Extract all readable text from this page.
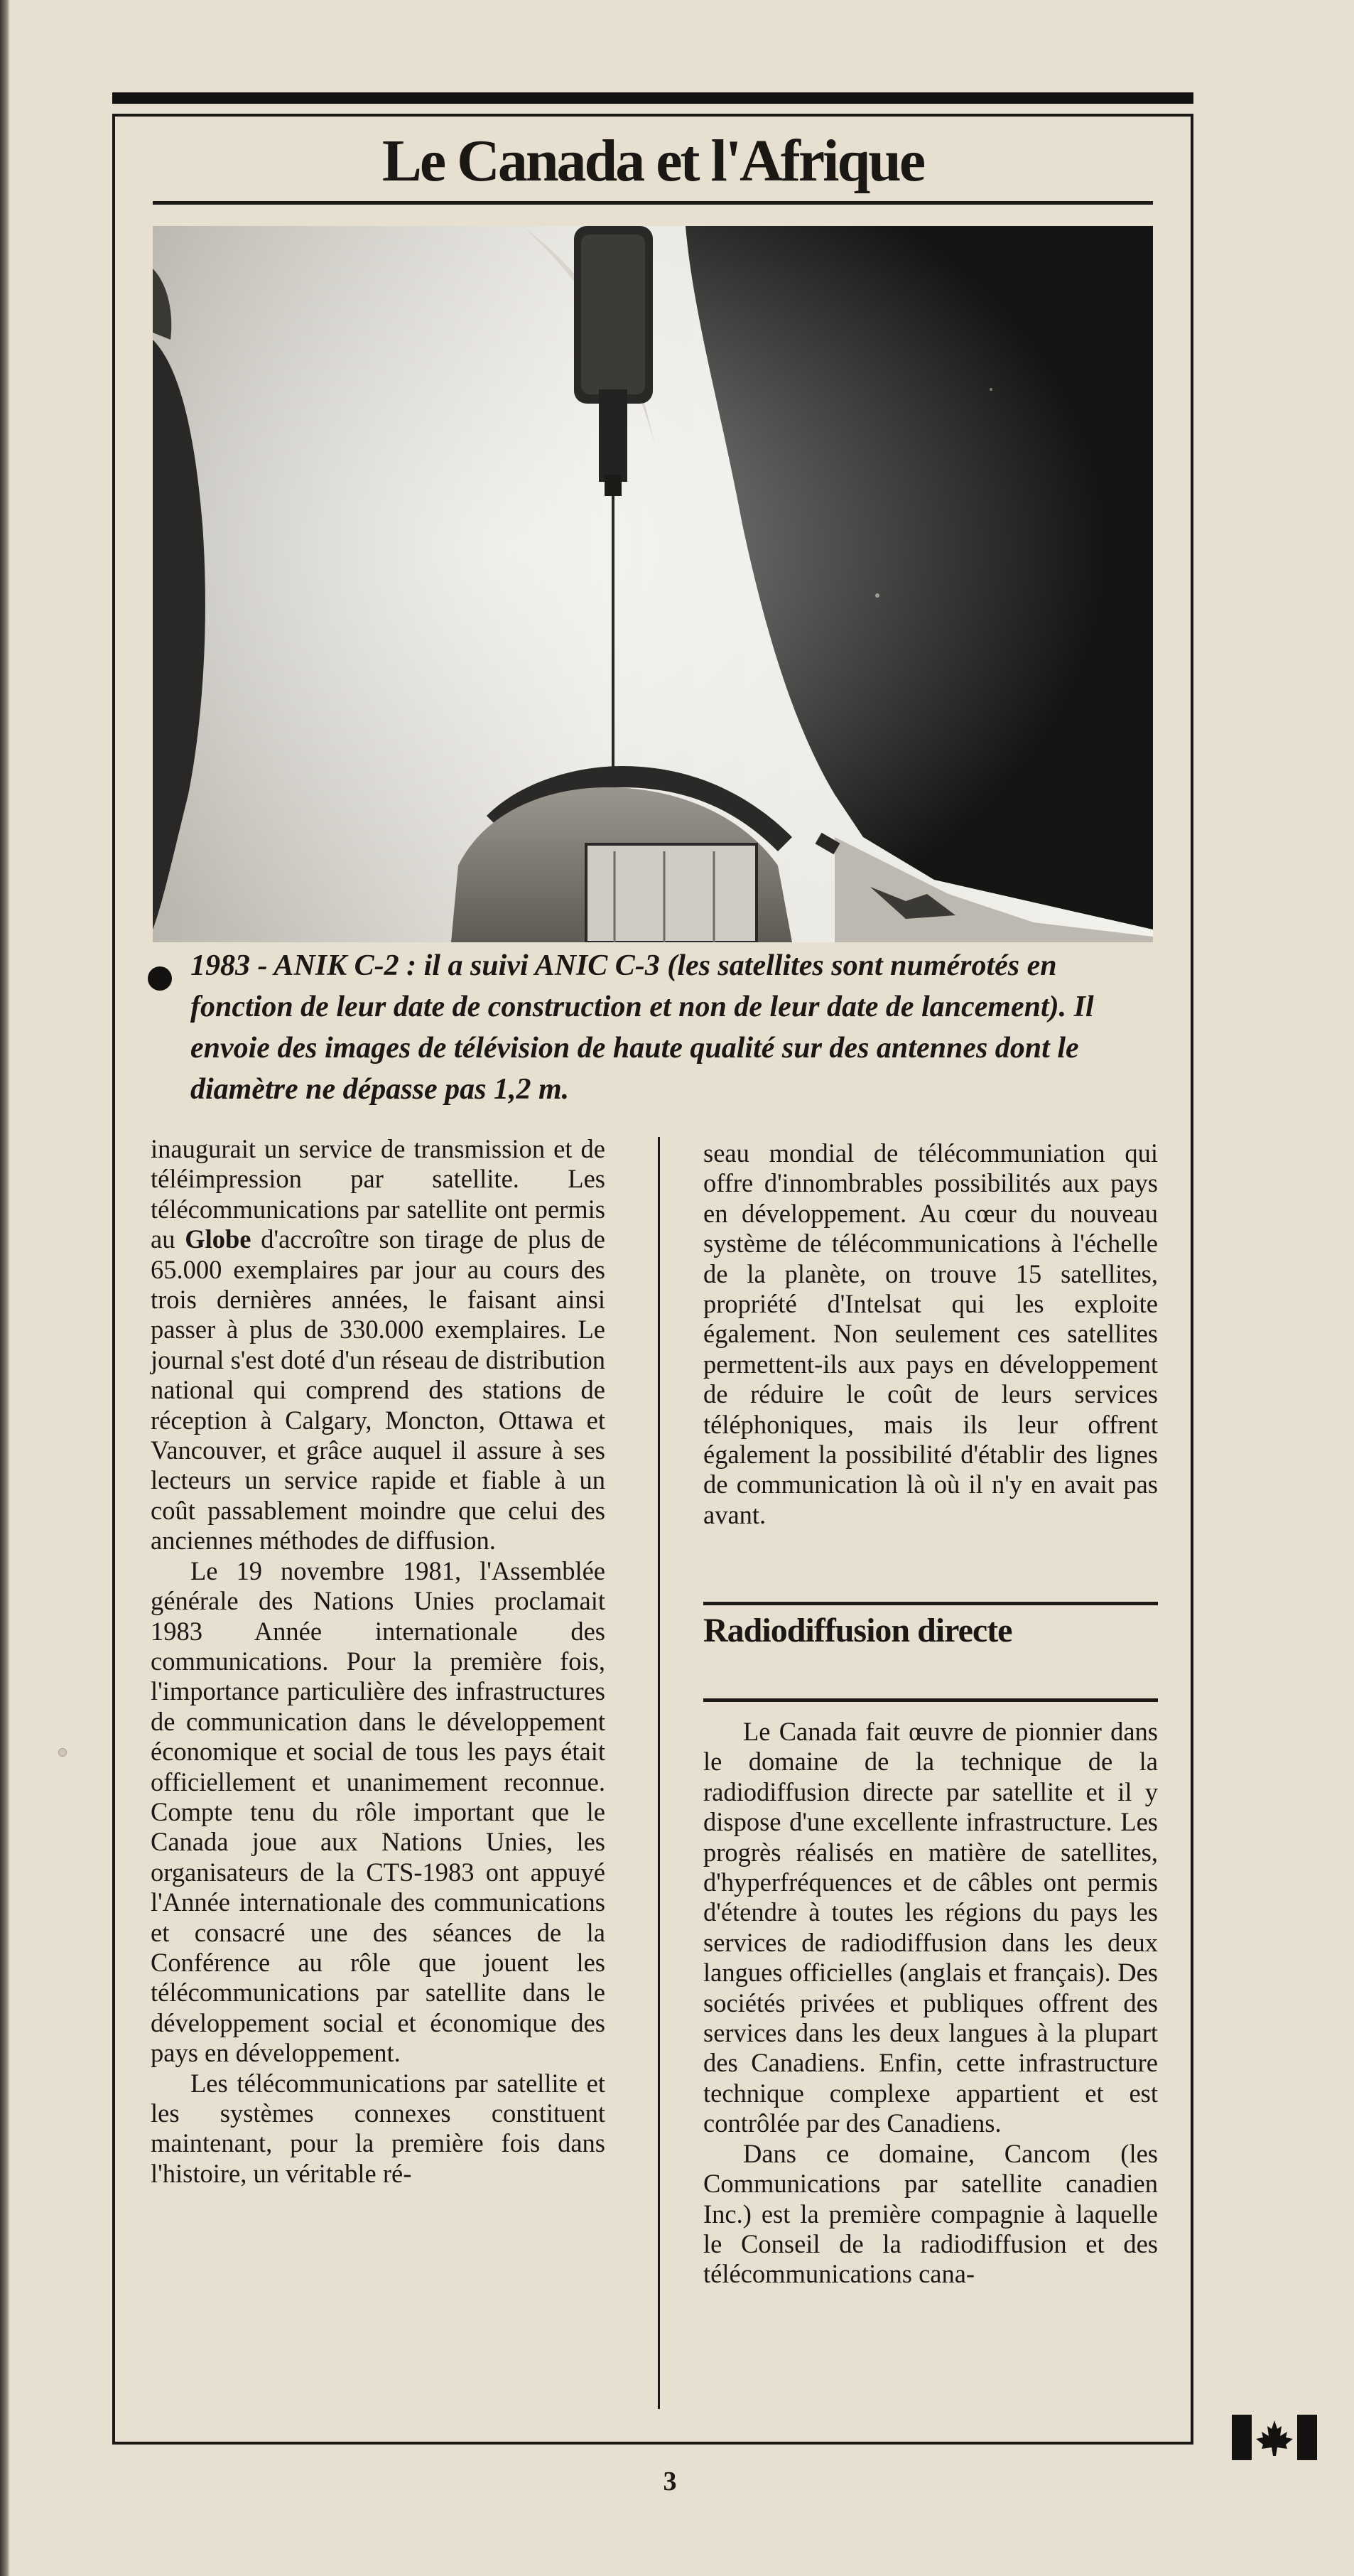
Le Canada et l'Afrique

1983 - ANIK C-2 : il a suivi ANIC C-3 (les satellites sont numérotés en fonction de leur date de construction et non de leur date de lancement). Il envoie des images de télévision de haute qualité sur des antennes dont le diamètre ne dépasse pas 1,2 m.

inaugurait un service de transmission et de téléimpression par satellite. Les télécommunications par satellite ont permis au Globe d'accroître son tirage de plus de 65.000 exemplaires par jour au cours des trois dernières années, le faisant ainsi passer à plus de 330.000 exemplaires. Le journal s'est doté d'un réseau de distribution national qui comprend des stations de réception à Calgary, Moncton, Ottawa et Vancouver, et grâce auquel il assure à ses lecteurs un service rapide et fiable à un coût passablement moindre que celui des anciennes méthodes de diffusion.

Le 19 novembre 1981, l'Assemblée générale des Nations Unies proclamait 1983 Année internationale des communications. Pour la première fois, l'importance particulière des infrastructures de communication dans le développement économique et social de tous les pays était officiellement et unanimement reconnue. Compte tenu du rôle important que le Canada joue aux Nations Unies, les organisateurs de la CTS-1983 ont appuyé l'Année internationale des communications et consacré une des séances de la Conférence au rôle que jouent les télécommunications par satellite dans le développement social et économique des pays en développement.

Les télécommunications par satellite et les systèmes connexes constituent maintenant, pour la première fois dans l'histoire, un véritable ré-

seau mondial de télécommuniation qui offre d'innombrables possibilités aux pays en développement. Au cœur du nouveau système de télécommunications à l'échelle de la planète, on trouve 15 satellites, propriété d'Intelsat qui les exploite également. Non seulement ces satellites permettent-ils aux pays en développement de réduire le coût de leurs services téléphoniques, mais ils leur offrent également la possibilité d'établir des lignes de communication là où il n'y en avait pas avant.

Radiodiffusion directe

Le Canada fait œuvre de pionnier dans le domaine de la technique de la radiodiffusion directe par satellite et il y dispose d'une excellente infrastructure. Les progrès réalisés en matière de satellites, d'hyperfréquences et de câbles ont permis d'étendre à toutes les régions du pays les services de radiodiffusion dans les deux langues officielles (anglais et français). Des sociétés privées et publiques offrent des services dans les deux langues à la plupart des Canadiens. Enfin, cette infrastructure technique complexe appartient et est contrôlée par des Canadiens.

Dans ce domaine, Cancom (les Communications par satellite canadien Inc.) est la première compagnie à laquelle le Conseil de la radiodiffusion et des télécommunications cana-

3
